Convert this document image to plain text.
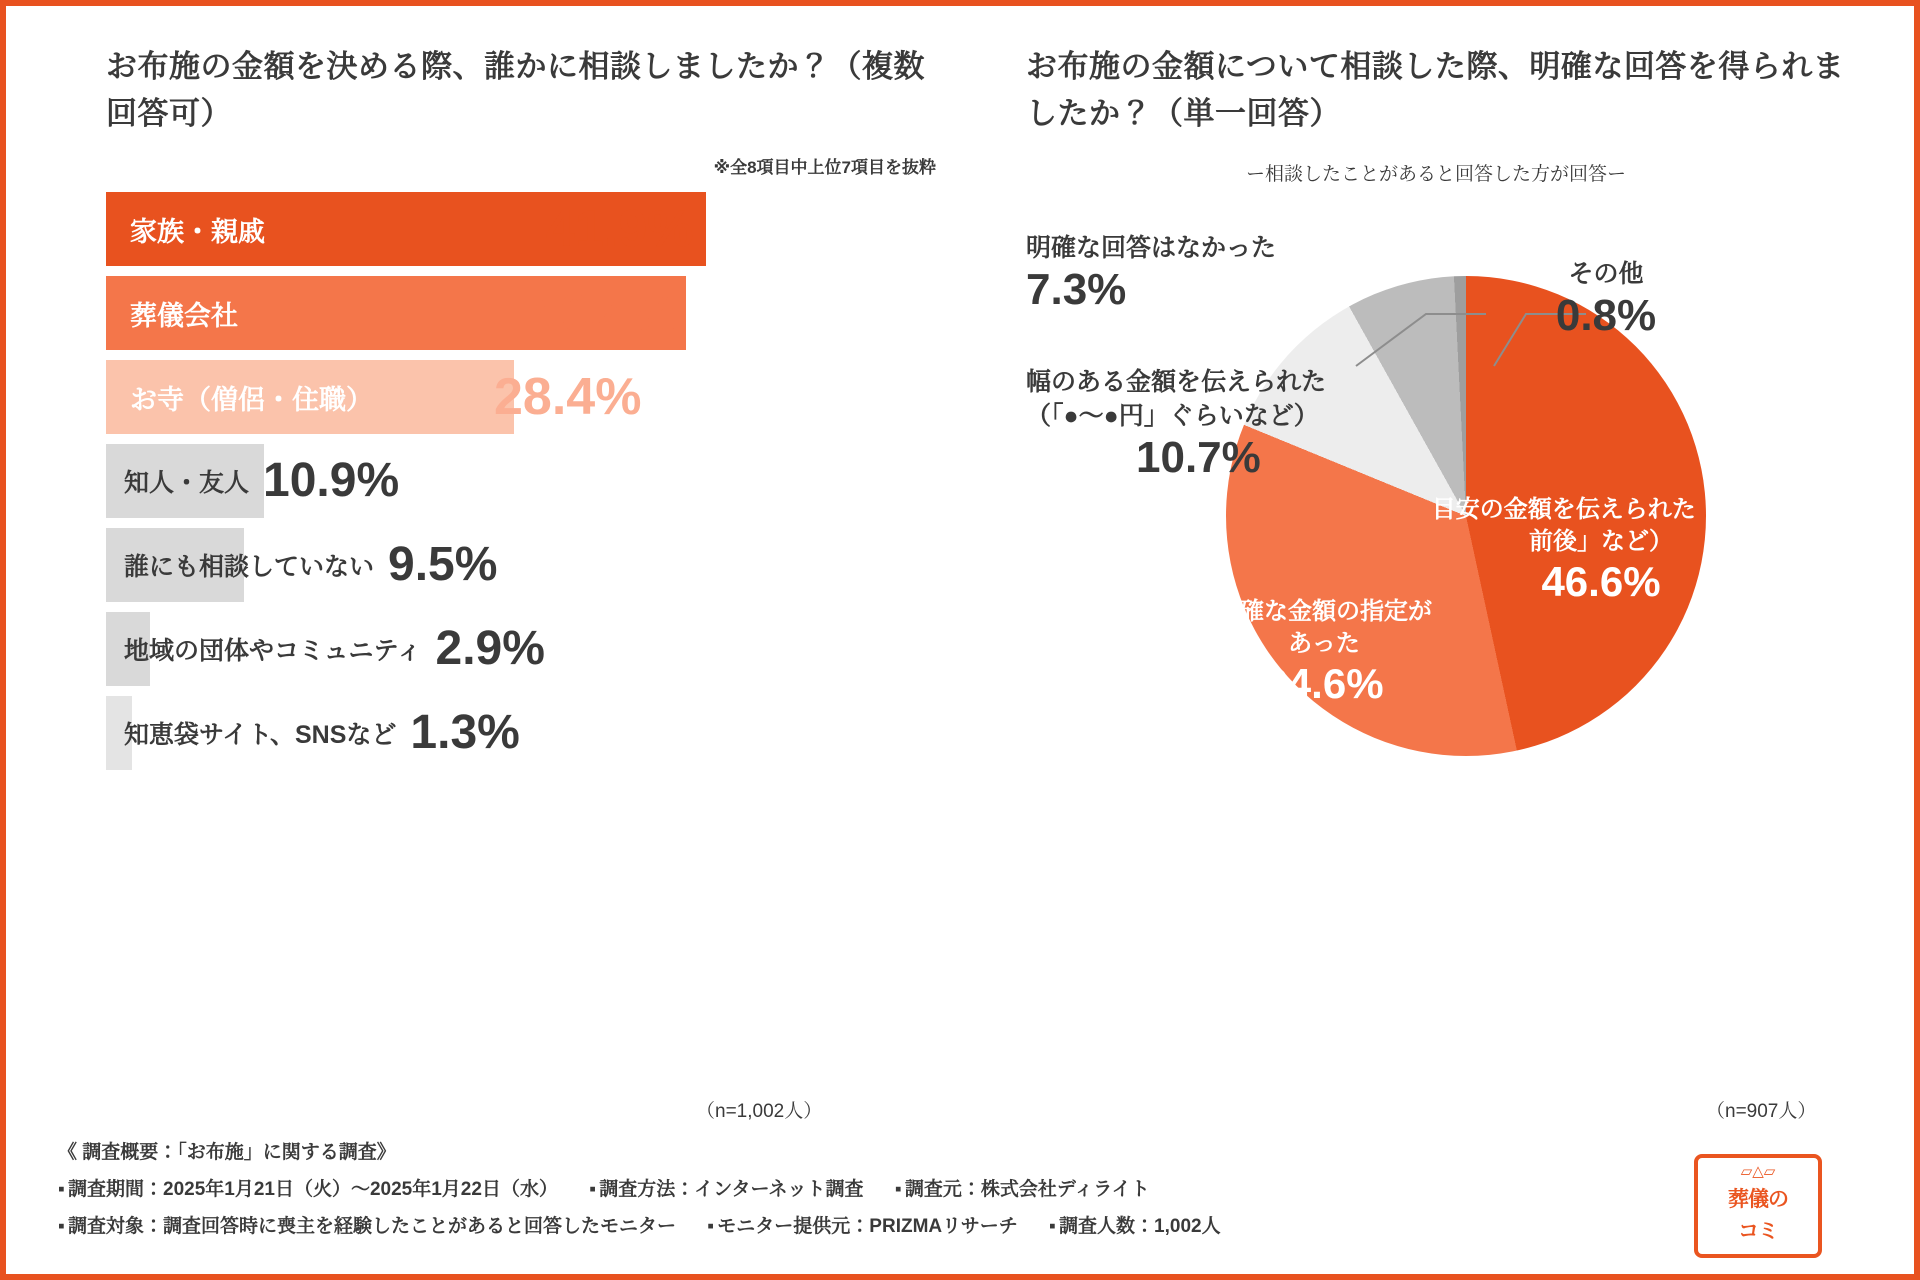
お布施の金額を決める際、誰かに相談しましたか？（複数回答可）
※全8項目中上位7項目を抜粋
家族・親戚	41.9%
葬儀会社	40.4%
お寺（僧侶・住職） 28.4%
知人・友人 10.9%
誰にも相談していない 9.5%
地域の団体やコミュニティ 2.9%
知恵袋サイト、SNSなど 1.3%
お布施の金額について相談した際、明確な回答を得られましたか？（単一回答）
ー相談したことがあると回答した方が回答ー
明確な回答はなかった
7.3%	その他
0.8%
幅のある金額を伝えられた（「●〜●円」ぐらいなど）
10.7%
目安の金額を伝えられた（「●円前後」など）
46.6%
明確な金額の指定があった
34.6%
（n=1,002人）	（n=907人）
《 調査概要：「お布施」に関する調査》
▪ 調査期間：2025年1月21日（火）〜2025年1月22日（水） ▪ 調査方法：インターネット調査 ▪ 調査元：株式会社ディライト
▪ 調査対象：調査回答時に喪主を経験したことがあると回答したモニター ▪ モニター提供元：PRIZMAリサーチ ▪ 調査人数：1,002人
▱△▱
葬儀の
コミ
